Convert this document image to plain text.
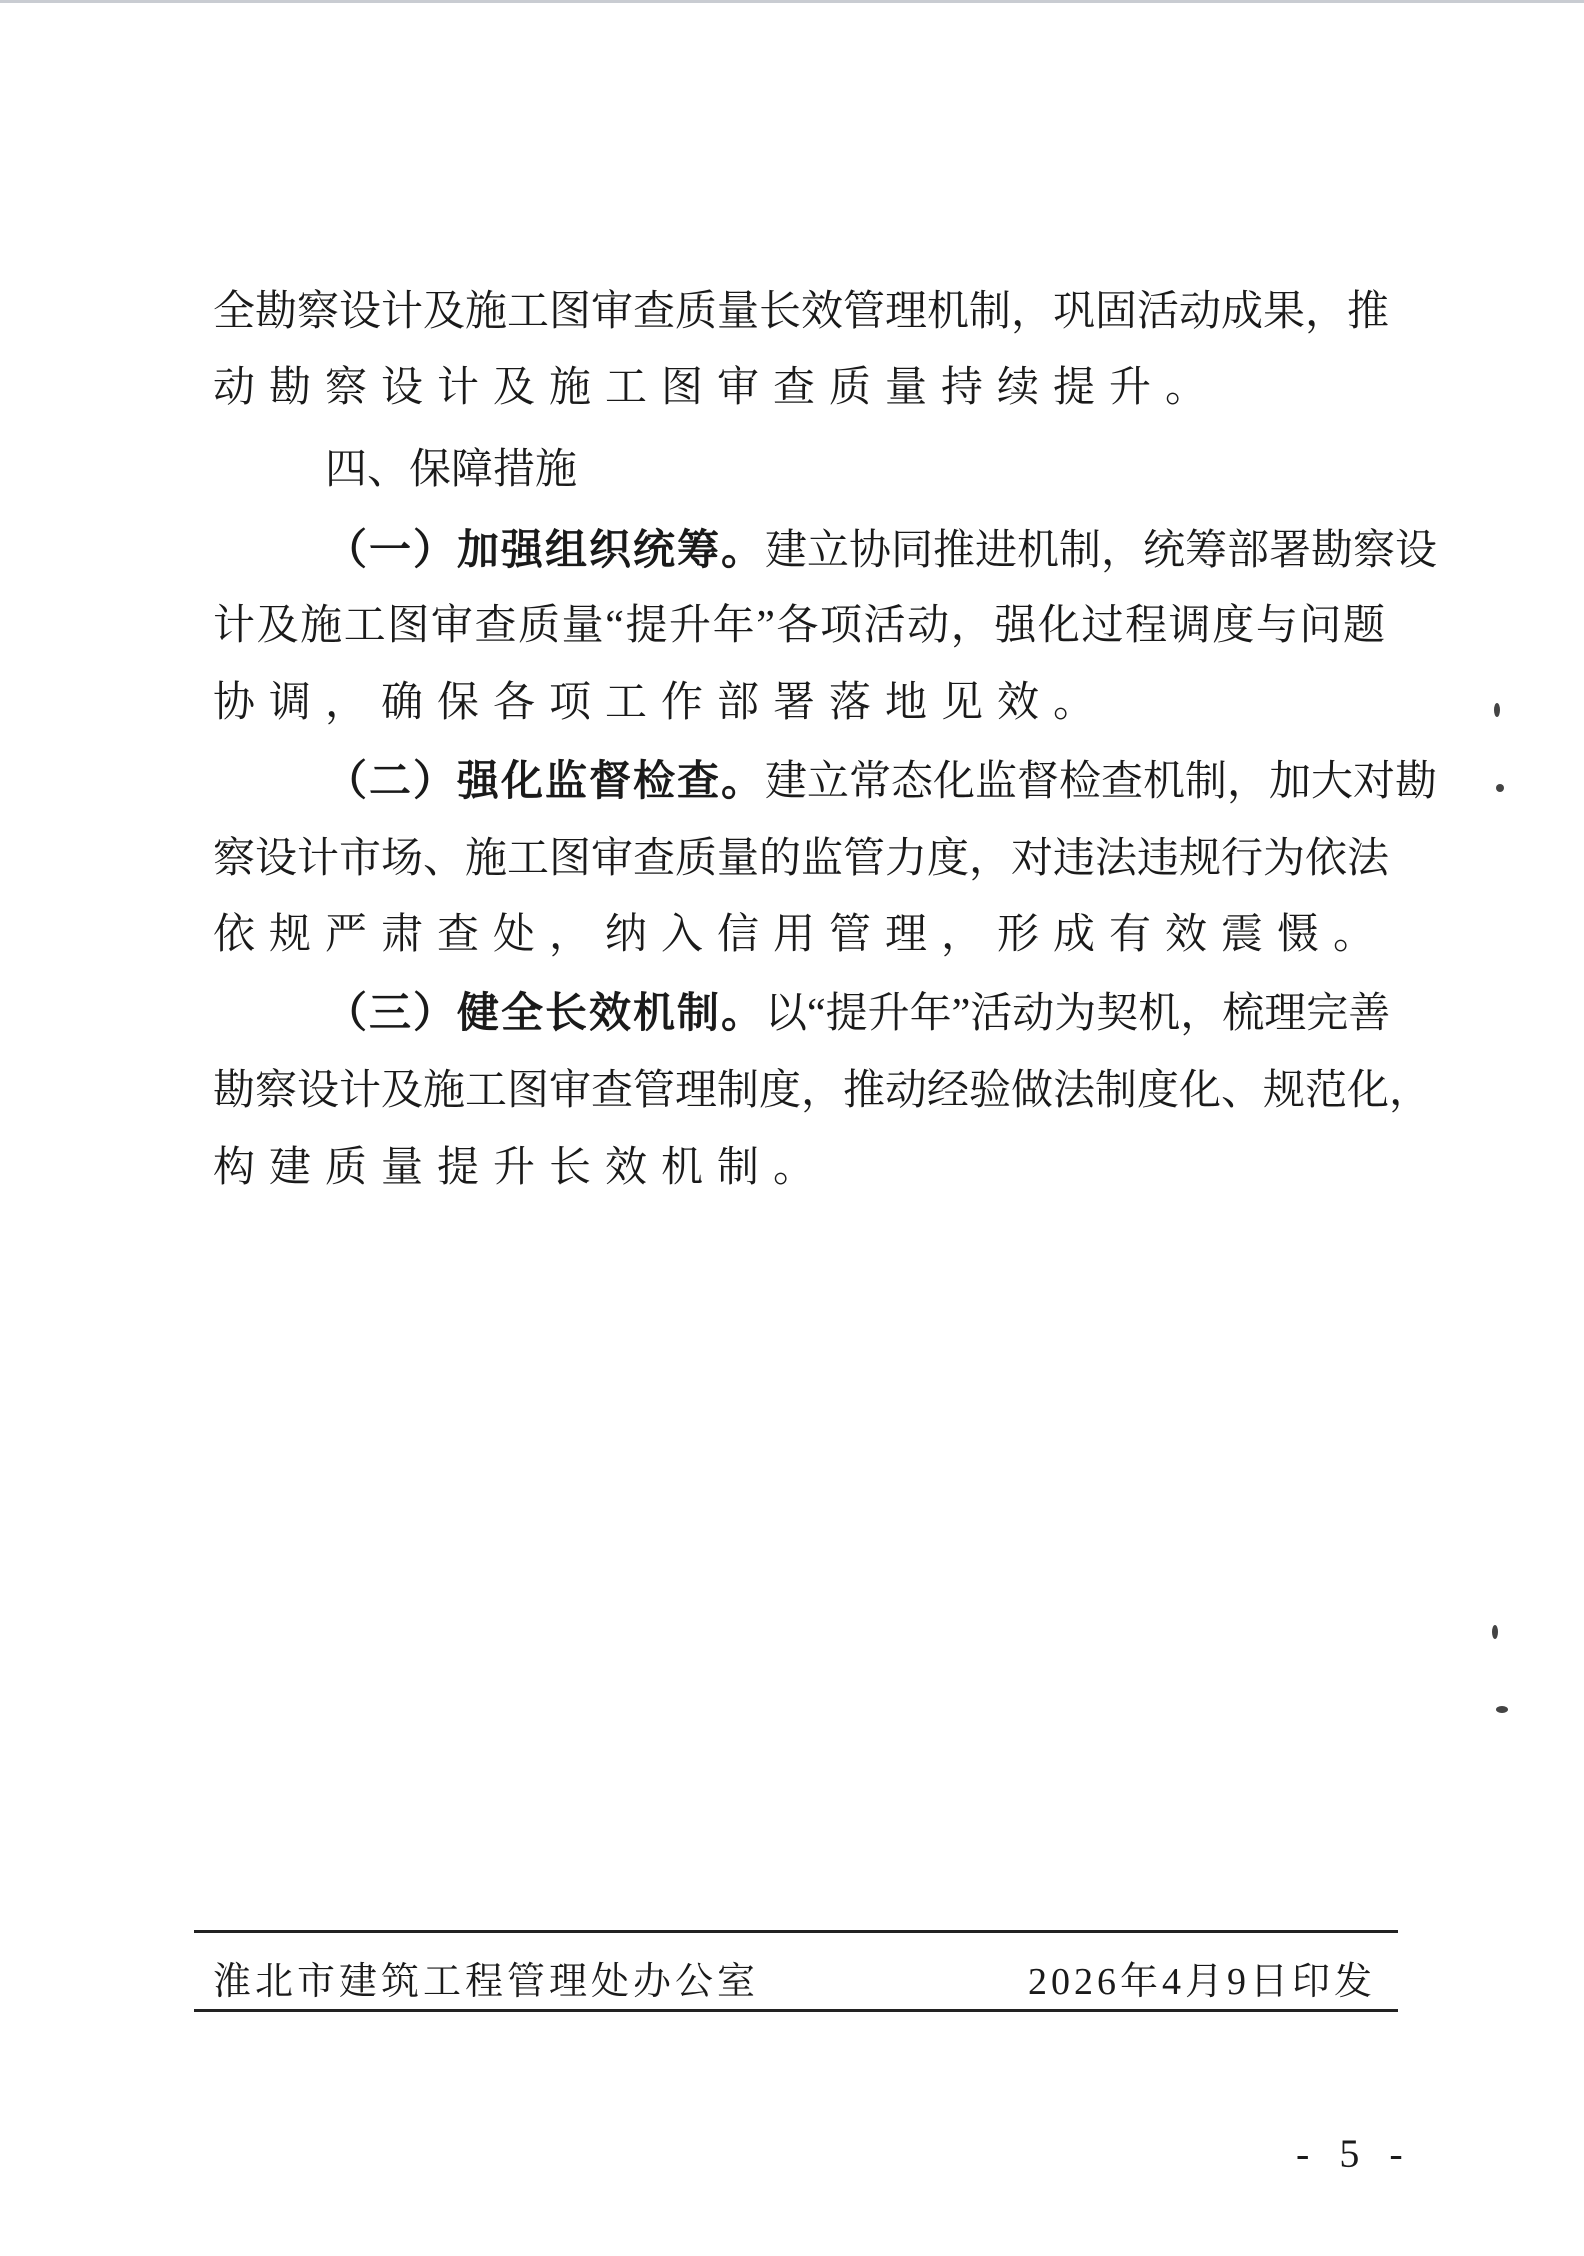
全勘察设计及施工图审查质量长效管理机制，巩固活动成果，推
动勘察设计及施工图审查质量持续提升。
四、保障措施
（一）加强组织统筹。建立协同推进机制，统筹部署勘察设
计及施工图审查质量“提升年”各项活动，强化过程调度与问题
协调，确保各项工作部署落地见效。
（二）强化监督检查。建立常态化监督检查机制，加大对勘
察设计市场、施工图审查质量的监管力度，对违法违规行为依法
依规严肃查处，纳入信用管理，形成有效震慑。
（三）健全长效机制。以“提升年”活动为契机，梳理完善
勘察设计及施工图审查管理制度，推动经验做法制度化、规范化，
构建质量提升长效机制。
淮北市建筑工程管理处办公室	2026年4月9日印发
- 5 -
